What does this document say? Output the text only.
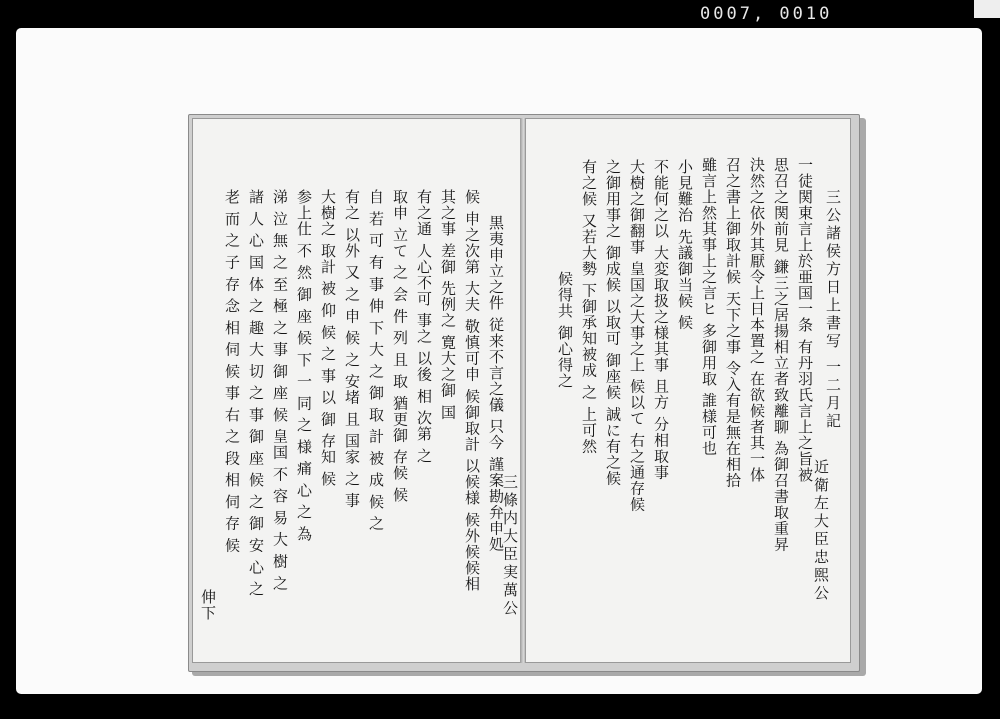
0007, 0010
黒夷申立之件 従来不言之儀 只今 謹案勘弁申処
候 申之次第 大夫 敬慎可申 候御取計 以候様 候外候候相
其之事 差御 先例之 寛大之御 国
有之通 人心不可 事之 以後 相 次第 之
取申 立て 之 会 件 列 且 取 猶更御 存候 候
自 若 可 有 事 伸 下 大 之 御 取 計 被 成 候 之
有之 以外 又 之 申 候 之 安堵 且 国家 之 事
大樹之 取計 被 仰 候 之 事 以 御 存知 候
参上仕 不 然 御 座 候 下 一 同 之 様 痛 心 之 為
涕 泣 無 之 至 極 之 事 御 座 候 皇国 不 容 易 大 樹 之
諸 人 心 国 体 之 趣 大 切 之 事 御 座 候 之 御 安 心 之
老 而 之 子 存 念 相 伺 候 事 右 之 段 相 伺 存 候
伸下	三條内大臣実萬公
三公諸侯方日上書写 一二月記
一徒関東言上於亜国一条 有丹羽氏言上之旨被
思召之関前見 鎌三之居揚相立者致離聊 為御召書取重昇
決然之依外其厭令上日本置之 在欲候者其一体
召之書上御取計候 天下之事 令入有是無在相拾
雖言上然其事上之言ヒ 多御用取 誰様可也
小見難治 先議御当候 候
不能何之以 大変取扱之様其事 且方 分相取事
大樹之御翻事 皇国之大事之上 候以て 右之通存候
之御用事之 御成候 以取可 御座候 誠に有之候
有之候 又若大勢 下御承知被成 之 上可然
候得共 御心得之
近衛左大臣忠煕公
